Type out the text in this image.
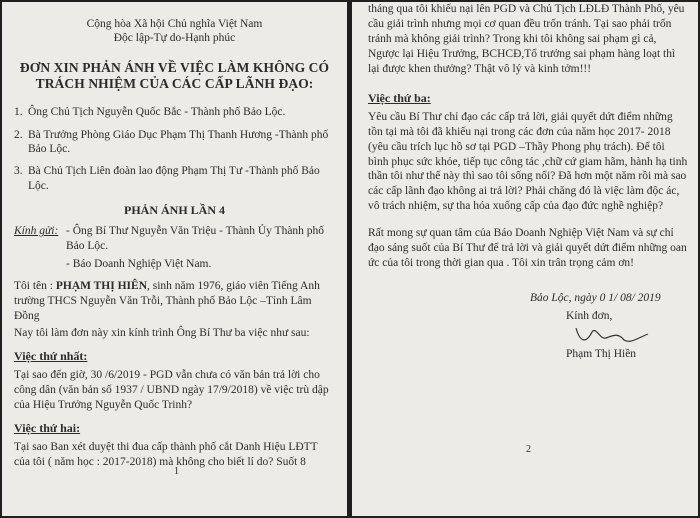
Cộng hòa Xã hội Chủ nghĩa Việt Nam
Độc lập-Tự do-Hạnh phúc
ĐƠN XIN PHẢN ÁNH VỀ VIỆC LÀM KHÔNG CÓ
TRÁCH NHIỆM CỦA CÁC CẤP LÃNH ĐẠO:
1. Ông Chủ Tịch Nguyễn Quốc Bắc - Thành phố Bảo Lộc.
2. Bà Trưởng Phòng Giáo Dục Phạm Thị Thanh Hương -Thành phố Bảo Lộc.
3. Bà Chủ Tịch Liên đoàn lao động Phạm Thị Tư -Thành phố Bảo Lộc.
PHẢN ÁNH LẦN 4
Kính gửi: - Ông Bí Thư Nguyễn Văn Triệu - Thành Ủy Thành phố Bảo Lộc.
- Báo Doanh Nghiệp Việt Nam.
Tôi tên : PHẠM THỊ HIÊN, sinh năm 1976, giáo viên Tiếng Anh trường THCS Nguyễn Văn Trỗi, Thành phố Bảo Lộc –Tỉnh Lâm Đồng
Nay tôi làm đơn này xin kính trình Ông Bí Thư ba việc như sau:
Việc thứ nhất:
Tại sao đến giờ, 30 /6/2019 - PGD vẫn chưa có văn bản trả lời cho công dân (văn bản số 1937 / UBND ngày 17/9/2018) về việc trù dập của Hiệu Trưởng Nguyễn Quốc Trinh?
Việc thứ hai:
Tại sao Ban xét duyệt thi đua cấp thành phố cắt Danh Hiệu LĐTT của tôi ( năm học : 2017-2018) mà không cho biết lí do? Suốt 8
1
tháng qua tôi khiếu nại lên PGD và Chủ Tịch LĐLĐ Thành Phố, yêu cầu giải trình nhưng mọi cơ quan đều trốn tránh. Tại sao phải trốn tránh mà không giải trình? Trong khi tôi không sai phạm gì cả, Ngược lại Hiệu Trưởng, BCHCĐ,Tổ trưởng sai phạm hàng loạt thì lại được khen thưởng? Thật vô lý và kinh tởm!!!
Việc thứ ba:
Yêu cầu Bí Thư chỉ đạo các cấp trả lời, giải quyết dứt điểm những tồn tại mà tôi đã khiếu nại trong các đơn của năm học 2017- 2018 (yêu cầu trích lục hồ sơ tại PGD –Thầy Phong phụ trách). Để tôi bình phục sức khỏe, tiếp tục công tác ,chữ cứ giam hãm, hành hạ tinh thần tôi như thế này thì sao tôi sống nổi? Đã hơn một năm rồi mà sao các cấp lãnh đạo không ai trả lời? Phải chăng đó là việc làm độc ác, vô trách nhiệm, sự tha hóa xuống cấp của đạo đức nghề nghiệp?
Rất mong sự quan tâm của Báo Doanh Nghiệp Việt Nam và sự chỉ đạo sáng suốt của Bí Thư để trả lời và giải quyết dứt điểm những oan ức của tôi trong thời gian qua . Tôi xin trân trọng cảm ơn!
Bảo Lộc, ngày 0 1/ 08/ 2019
Kính đơn,
Phạm Thị Hiền
2
